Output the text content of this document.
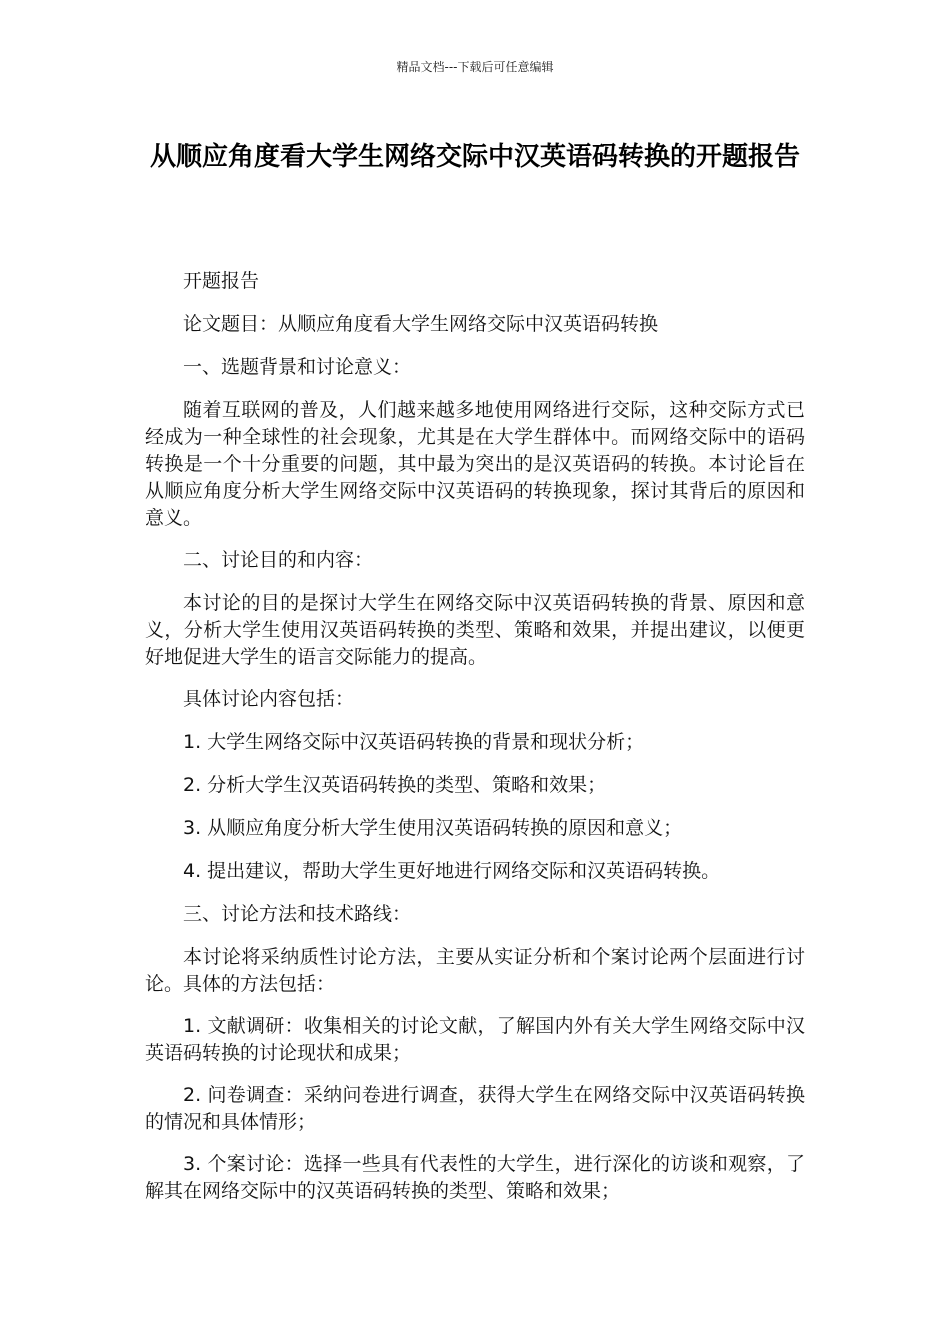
精品文档---下载后可任意编辑
从顺应角度看大学生网络交际中汉英语码转换的开题报告

开题报告

论文题目：从顺应角度看大学生网络交际中汉英语码转换

一、选题背景和讨论意义：

随着互联网的普及，人们越来越多地使用网络进行交际，这种交际方式已经成为一种全球性的社会现象，尤其是在大学生群体中。而网络交际中的语码转换是一个十分重要的问题，其中最为突出的是汉英语码的转换。本讨论旨在从顺应角度分析大学生网络交际中汉英语码的转换现象，探讨其背后的原因和意义。

二、讨论目的和内容：

本讨论的目的是探讨大学生在网络交际中汉英语码转换的背景、原因和意义，分析大学生使用汉英语码转换的类型、策略和效果，并提出建议，以便更好地促进大学生的语言交际能力的提高。

具体讨论内容包括：

1. 大学生网络交际中汉英语码转换的背景和现状分析；

2. 分析大学生汉英语码转换的类型、策略和效果；

3. 从顺应角度分析大学生使用汉英语码转换的原因和意义；

4. 提出建议，帮助大学生更好地进行网络交际和汉英语码转换。

三、讨论方法和技术路线：

本讨论将采纳质性讨论方法，主要从实证分析和个案讨论两个层面进行讨论。具体的方法包括：

1. 文献调研：收集相关的讨论文献，了解国内外有关大学生网络交际中汉英语码转换的讨论现状和成果；

2. 问卷调查：采纳问卷进行调查，获得大学生在网络交际中汉英语码转换的情况和具体情形；

3. 个案讨论：选择一些具有代表性的大学生，进行深化的访谈和观察，了解其在网络交际中的汉英语码转换的类型、策略和效果；
